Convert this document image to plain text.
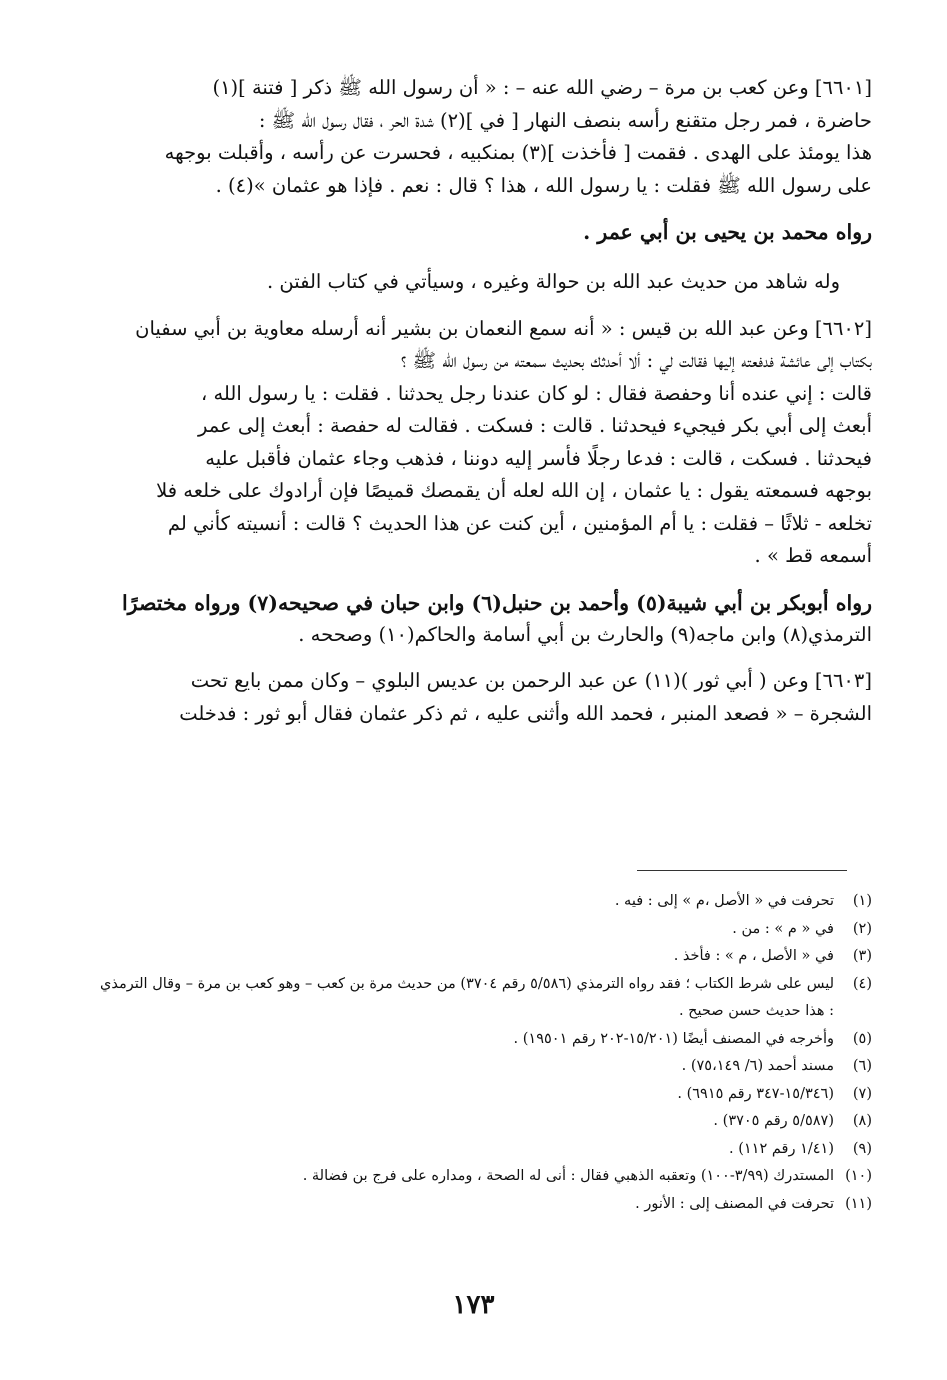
[٦٦٠١] وعن كعب بن مرة – رضي الله عنه – : « أن رسول الله ﷺ ذكر [ فتنة ](١)

حاضرة ، فمر رجل متقنع رأسه بنصف النهار [ في ](٢) شدة الحر ، فقال رسول الله ﷺ :

هذا يومئذ على الهدى . فقمت [ فأخذت ](٣) بمنكبيه ، فحسرت عن رأسه ، وأقبلت بوجهه

على رسول الله ﷺ فقلت : يا رسول الله ، هذا ؟ قال : نعم . فإذا هو عثمان »(٤) .

رواه محمد بن يحيى بن أبي عمر .

وله شاهد من حديث عبد الله بن حوالة وغيره ، وسيأتي في كتاب الفتن .

[٦٦٠٢] وعن عبد الله بن قيس : « أنه سمع النعمان بن بشير أنه أرسله معاوية بن أبي سفيان

بكتاب إلى عائشة فدفعته إليها فقالت لي : ألا أحدثك بحديث سمعته من رسول الله ﷺ ؟

قالت : إني عنده أنا وحفصة فقال : لو كان عندنا رجل يحدثنا . فقلت : يا رسول الله ،

أبعث إلى أبي بكر فيجيء فيحدثنا . قالت : فسكت . فقالت له حفصة : أبعث إلى عمر

فيحدثنا . فسكت ، قالت : فدعا رجلًا فأسر إليه دوننا ، فذهب وجاء عثمان فأقبل عليه

بوجهه فسمعته يقول : يا عثمان ، إن الله لعله أن يقمصك قميصًا فإن أرادوك على خلعه فلا

تخلعه - ثلاثًا – فقلت : يا أم المؤمنين ، أين كنت عن هذا الحديث ؟ قالت : أنسيته كأني لم

أسمعه قط » .

رواه أبوبكر بن أبي شيبة(٥) وأحمد بن حنبل(٦) وابن حبان في صحيحه(٧) ورواه مختصرًا

الترمذي(٨) وابن ماجه(٩) والحارث بن أبي أسامة والحاكم(١٠) وصححه .

[٦٦٠٣] وعن ( أبي ثور )(١١) عن عبد الرحمن بن عديس البلوي – وكان ممن بايع تحت

الشجرة – « فصعد المنبر ، فحمد الله وأثنى عليه ، ثم ذكر عثمان فقال أبو ثور : فدخلت

(١)
تحرفت في « الأصل ،م » إلى : فيه .
(٢)
في « م » : من .
(٣)
في « الأصل ، م » : فأخذ .
(٤)
ليس على شرط الكتاب ؛ فقد رواه الترمذي (٥/٥٨٦ رقم ٣٧٠٤) من حديث مرة بن كعب – وهو كعب بن مرة – وقال الترمذي : هذا حديث حسن صحيح .
(٥)
وأخرجه في المصنف أيضًا (١٥/٢٠١-٢٠٢ رقم ١٩٥٠١) .
(٦)
مسند أحمد (٦/ ٧٥،١٤٩) .
(٧)
(١٥/٣٤٦-٣٤٧ رقم ٦٩١٥) .
(٨)
(٥/٥٨٧ رقم ٣٧٠٥) .
(٩)
(١/٤١ رقم ١١٢) .
(١٠)
المستدرك (٣/٩٩-١٠٠) وتعقبه الذهبي فقال : أنى له الصحة ، ومداره على فرج بن فضالة .
(١١)
تحرفت في المصنف إلى : الأنور .
١٧٣
